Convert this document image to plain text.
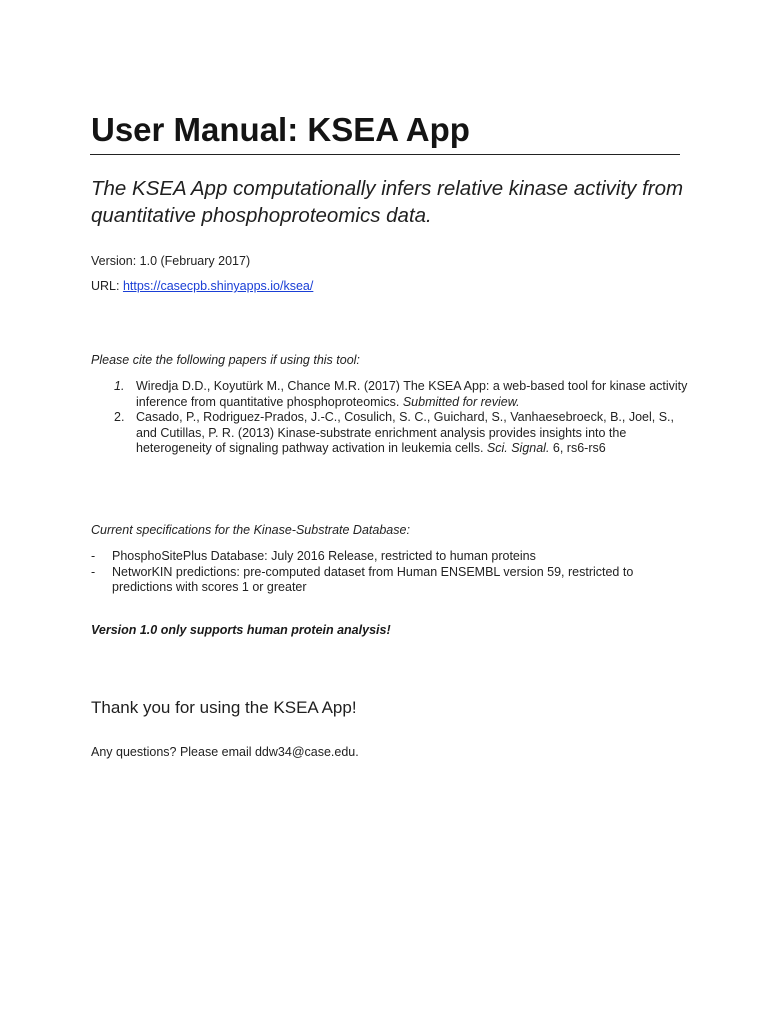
User Manual: KSEA App

The KSEA App computationally infers relative kinase activity from quantitative phosphoproteomics data.

Version: 1.0 (February 2017)

URL: https://casecpb.shinyapps.io/ksea/

Please cite the following papers if using this tool:

1. Wiredja D.D., Koyutürk M., Chance M.R. (2017) The KSEA App: a web-based tool for kinase activity inference from quantitative phosphoproteomics. Submitted for review.
2. Casado, P., Rodriguez-Prados, J.-C., Cosulich, S. C., Guichard, S., Vanhaesebroeck, B., Joel, S., and Cutillas, P. R. (2013) Kinase-substrate enrichment analysis provides insights into the heterogeneity of signaling pathway activation in leukemia cells. Sci. Signal. 6, rs6-rs6

Current specifications for the Kinase-Substrate Database:

- PhosphoSitePlus Database: July 2016 Release, restricted to human proteins
- NetworKIN predictions: pre-computed dataset from Human ENSEMBL version 59, restricted to predictions with scores 1 or greater

Version 1.0 only supports human protein analysis!

Thank you for using the KSEA App!

Any questions? Please email ddw34@case.edu.
